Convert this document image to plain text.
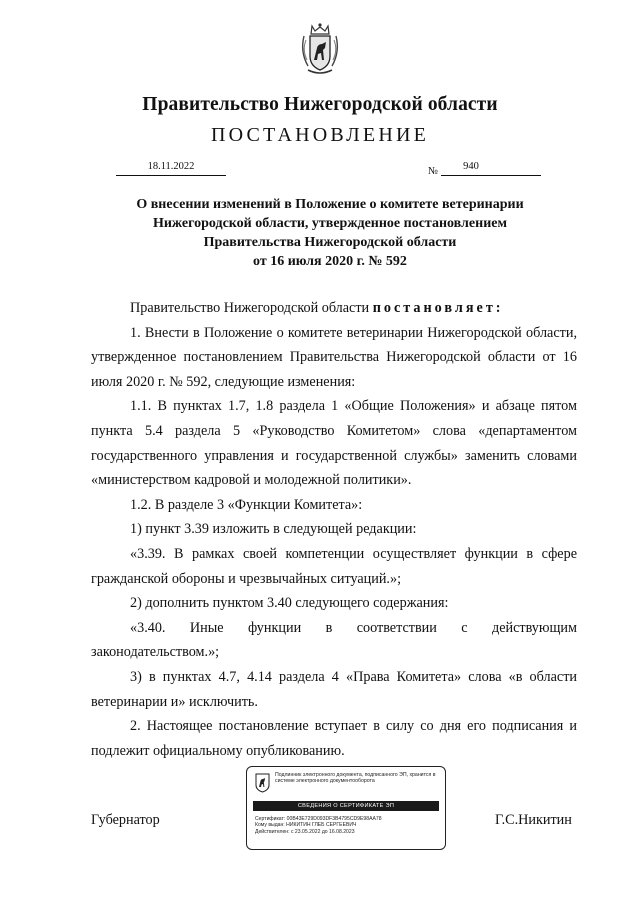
Правительство Нижегородской области
ПОСТАНОВЛЕНИЕ
18.11.2022	№	940
О внесении изменений в Положение о комитете ветеринарии
Нижегородской области, утвержденное постановлением
Правительства Нижегородской области
от 16 июля 2020 г. № 592

Правительство Нижегородской области постановляет:

1. Внести в Положение о комитете ветеринарии Нижегородской области, утвержденное постановлением Правительства Нижегородской области от 16 июля 2020 г. № 592, следующие изменения:

1.1. В пунктах 1.7, 1.8 раздела 1 «Общие Положения» и абзаце пятом пункта 5.4 раздела 5 «Руководство Комитетом» слова «департаментом государственного управления и государственной службы» заменить словами «министерством кадровой и молодежной политики».

1.2. В разделе 3 «Функции Комитета»:

1) пункт 3.39 изложить в следующей редакции:

«3.39. В рамках своей компетенции осуществляет функции в сфере гражданской обороны и чрезвычайных ситуаций.»;

2) дополнить пунктом 3.40 следующего содержания:

«3.40. Иные функции в соответствии с действующим законодательством.»;

3) в пунктах 4.7, 4.14 раздела 4 «Права Комитета» слова «в области ветеринарии и» исключить.

2. Настоящее постановление вступает в силу со дня его подписания и подлежит официальному опубликованию.

Губернатор	Г.С.Никитин
Подлинник электронного документа, подписанного ЭП, хранится в системе электронного документооборота
СВЕДЕНИЯ О СЕРТИФИКАТЕ ЭП
Сертификат: 00B43E729D093DF3B4795CD9E98AA78
Кому выдан: НИКИТИН ГЛЕБ СЕРГЕЕВИЧ
Действителен: с 23.05.2022 до 16.08.2023
